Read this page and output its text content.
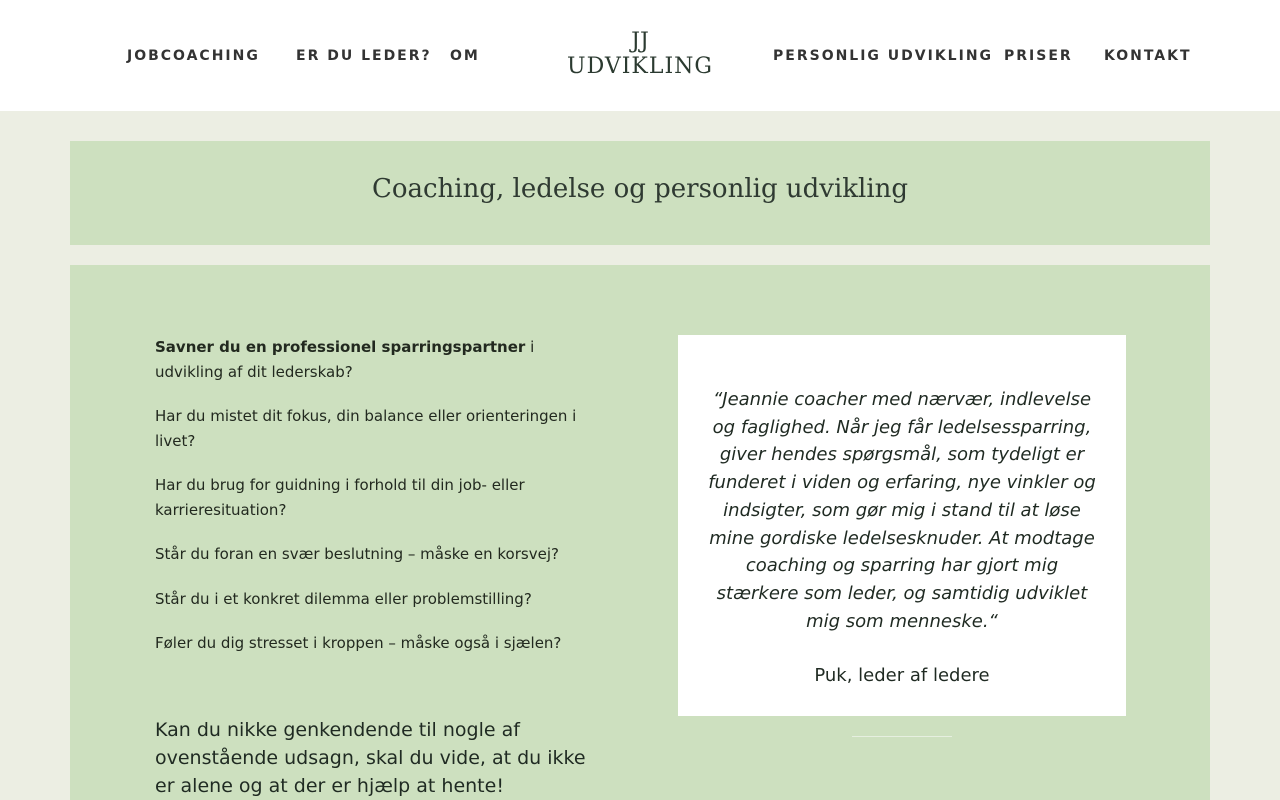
JOBCOACHING	ER DU LEDER? OM
JJ
UDVIKLING	PERSONLIG UDVIKLING PRISER KONTAKT
Coaching, ledelse og personlig udvikling

Savner du en professionel sparringspartner i udvikling af dit lederskab?

Har du mistet dit fokus, din balance eller orienteringen i livet?

Har du brug for guidning i forhold til din job- eller karrieresituation?

Står du foran en svær beslutning – måske en korsvej?

Står du i et konkret dilemma eller problemstilling?

Føler du dig stresset i kroppen – måske også i sjælen?

Kan du nikke genkendende til nogle af ovenstående udsagn, skal du vide, at du ikke er alene og at der er hjælp at hente!

“Jeannie coacher med nærvær, indlevelse og faglighed. Når jeg får ledelsessparring, giver hendes spørgsmål, som tydeligt er funderet i viden og erfaring, nye vinkler og indsigter, som gør mig i stand til at løse mine gordiske ledelsesknuder. At modtage coaching og sparring har gjort mig stærkere som leder, og samtidig udviklet mig som menneske.“

Puk, leder af ledere
